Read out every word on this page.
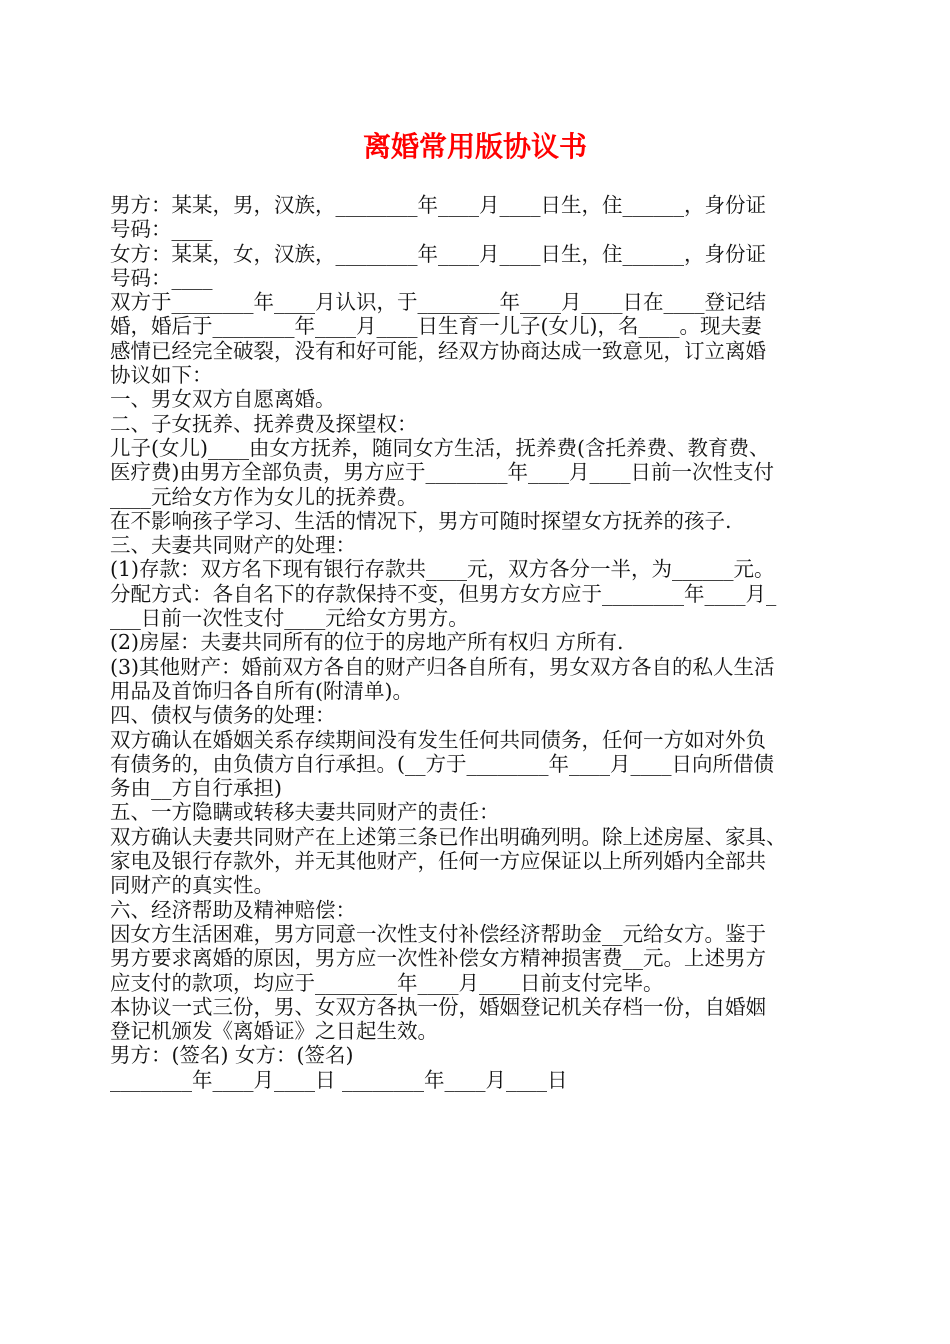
离婚常用版协议书
男方：某某，男，汉族，________年____月____日生，住______，身份证
号码：____
女方：某某，女，汉族，________年____月____日生，住______，身份证
号码：____
双方于________年____月认识，于________年____月____日在____登记结
婚，婚后于________年____月____日生育一儿子(女儿)，名____。现夫妻
感情已经完全破裂，没有和好可能，经双方协商达成一致意见，订立离婚
协议如下：
一、男女双方自愿离婚。
二、子女抚养、抚养费及探望权：
儿子(女儿)____由女方抚养，随同女方生活，抚养费(含托养费、教育费、
医疗费)由男方全部负责，男方应于________年____月____日前一次性支付
____元给女方作为女儿的抚养费。
在不影响孩子学习、生活的情况下，男方可随时探望女方抚养的孩子.
三、夫妻共同财产的处理：
(1)存款：双方名下现有银行存款共____元，双方各分一半，为______元。
分配方式：各自名下的存款保持不变，但男方女方应于________年____月_
___日前一次性支付____元给女方男方。
(2)房屋：夫妻共同所有的位于的房地产所有权归 方所有.
(3)其他财产：婚前双方各自的财产归各自所有，男女双方各自的私人生活
用品及首饰归各自所有(附清单)。
四、债权与债务的处理：
双方确认在婚姻关系存续期间没有发生任何共同债务，任何一方如对外负
有债务的，由负债方自行承担。(__方于________年____月____日向所借债
务由__方自行承担)
五、一方隐瞒或转移夫妻共同财产的责任：
双方确认夫妻共同财产在上述第三条已作出明确列明。除上述房屋、家具、
家电及银行存款外，并无其他财产，任何一方应保证以上所列婚内全部共
同财产的真实性。
六、经济帮助及精神赔偿：
因女方生活困难，男方同意一次性支付补偿经济帮助金__元给女方。鉴于
男方要求离婚的原因，男方应一次性补偿女方精神损害费__元。上述男方
应支付的款项，均应于________年____月____日前支付完毕。
本协议一式三份，男、女双方各执一份，婚姻登记机关存档一份，自婚姻
登记机颁发《离婚证》之日起生效。
男方：(签名) 女方：(签名)
________年____月____日 ________年____月____日
